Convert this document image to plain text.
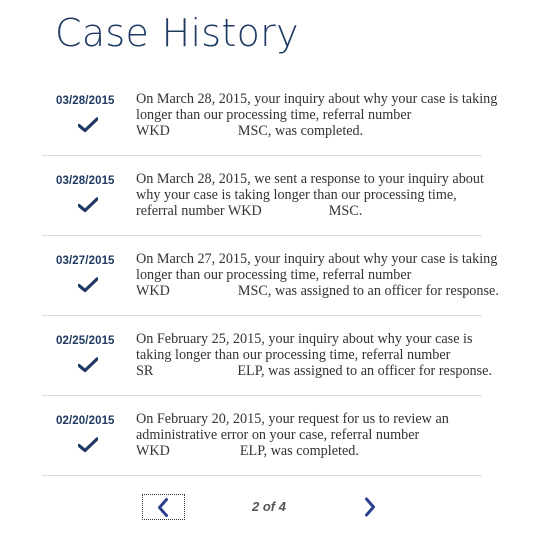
Case History
03/28/2015 On March 28, 2015, your inquiry about why your case is taking
longer than our processing time, referral number
WKD	MSC, was completed.
03/28/2015 On March 28, 2015, we sent a response to your inquiry about
why your case is taking longer than our processing time,
referral number WKD	MSC.
03/27/2015 On March 27, 2015, your inquiry about why your case is taking
longer than our processing time, referral number
WKD	MSC, was assigned to an officer for response.
02/25/2015 On February 25, 2015, your inquiry about why your case is
taking longer than our processing time, referral number
SR	ELP, was assigned to an officer for response.
02/20/2015 On February 20, 2015, your request for us to review an
administrative error on your case, referral number
WKD	ELP, was completed.
2 of 4
